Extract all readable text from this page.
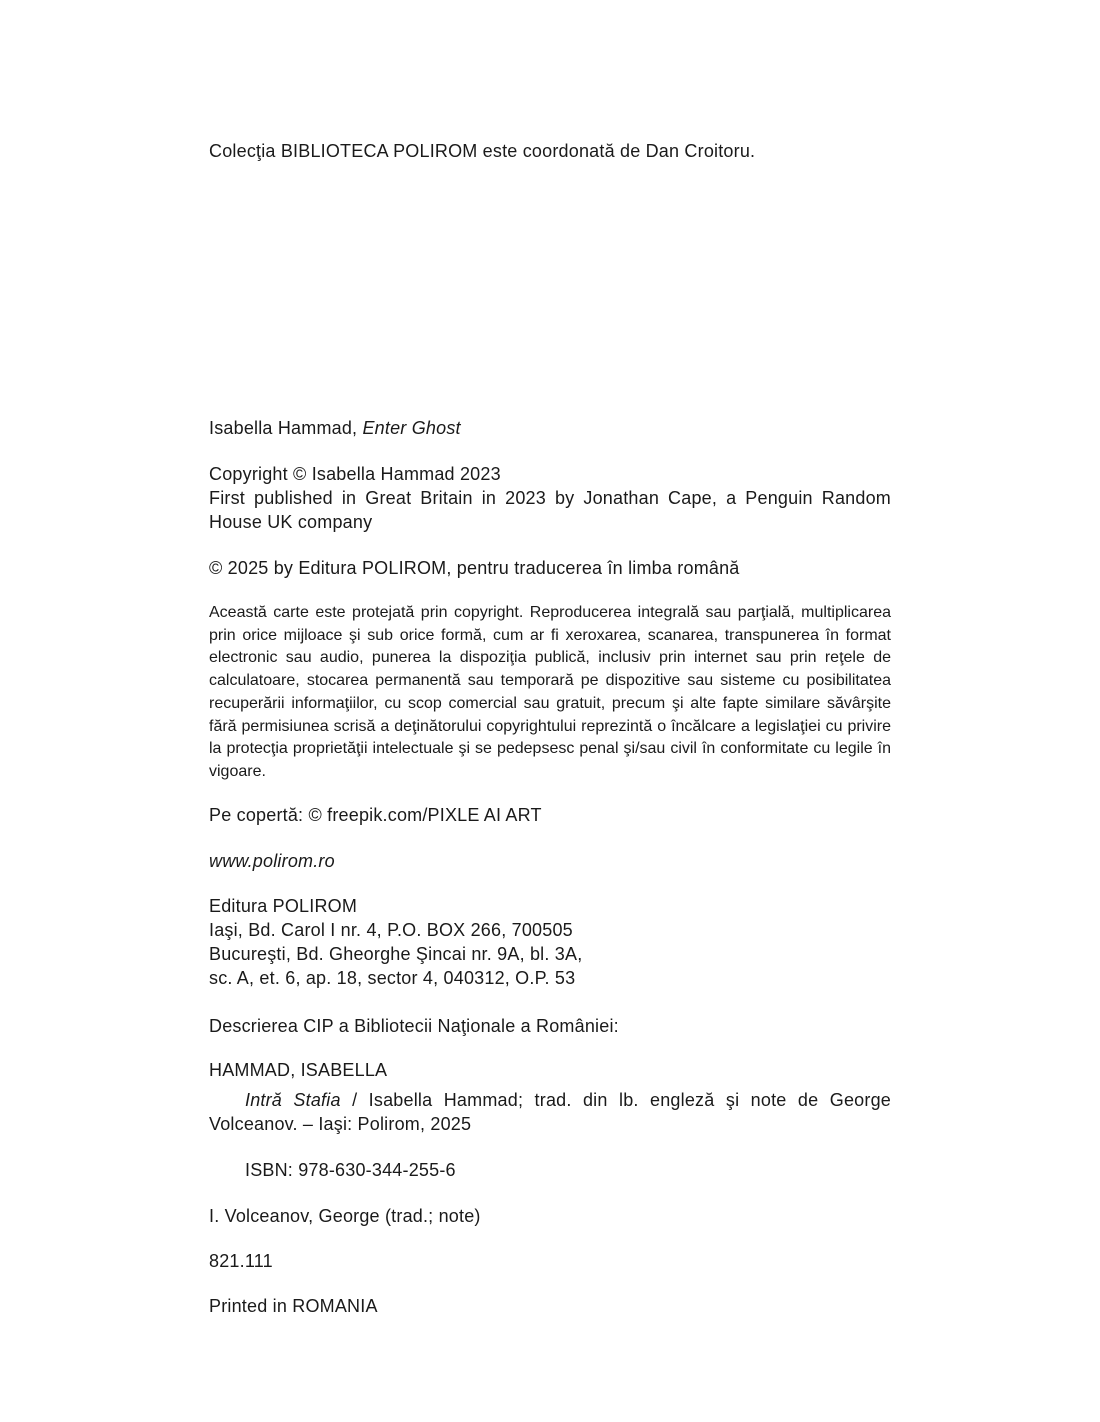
Colecţia BIBLIOTECA POLIROM este coordonată de Dan Croitoru.
Isabella Hammad, Enter Ghost
Copyright © Isabella Hammad 2023
First published in Great Britain in 2023 by Jonathan Cape, a Penguin Random
House UK company
© 2025 by Editura POLIROM, pentru traducerea în limba română
Această carte este protejată prin copyright. Reproducerea integrală sau parţială, multiplicarea prin orice mijloace şi sub orice formă, cum ar fi xeroxarea, scanarea, transpunerea în format electronic sau audio, punerea la dispoziţia publică, inclusiv prin internet sau prin reţele de calculatoare, stocarea permanentă sau temporară pe dispozitive sau sisteme cu posibilitatea recuperării informaţiilor, cu scop comercial sau gratuit, precum şi alte fapte similare săvârşite fără permisiunea scrisă a deţinătorului copyrightului reprezintă o încălcare a legislaţiei cu privire la protecţia proprietăţii intelectuale şi se pedepsesc penal şi/sau civil în conformitate cu legile în vigoare.
Pe copertă: © freepik.com/PIXLE AI ART
www.polirom.ro
Editura POLIROM
Iaşi, Bd. Carol I nr. 4, P.O. BOX 266, 700505
Bucureşti, Bd. Gheorghe Şincai nr. 9A, bl. 3A,
sc. A, et. 6, ap. 18, sector 4, 040312, O.P. 53
Descrierea CIP a Bibliotecii Naţionale a României:
HAMMAD, ISABELLA
Intră Stafia / Isabella Hammad; trad. din lb. engleză şi note de George
Volceanov. – Iaşi: Polirom, 2025
ISBN: 978-630-344-255-6
I. Volceanov, George (trad.; note)
821.111
Printed in ROMANIA
